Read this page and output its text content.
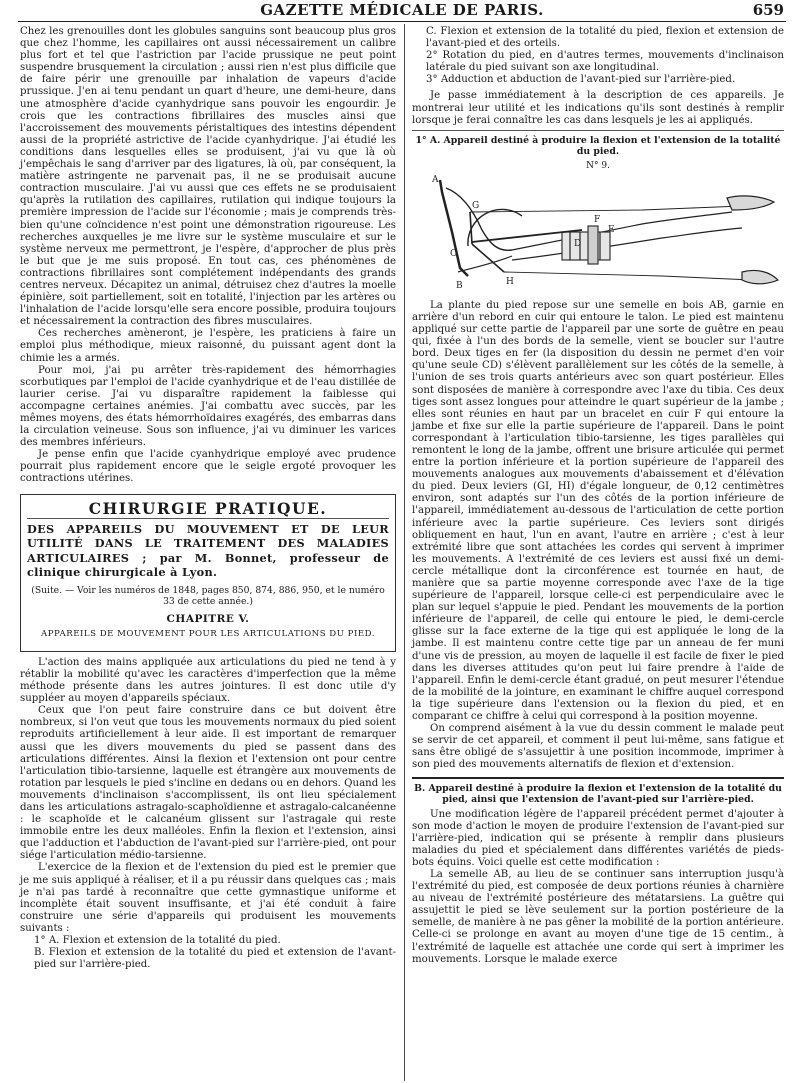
GAZETTE MÉDICALE DE PARIS.	659

Chez les grenouilles dont les globules sanguins sont beaucoup plus gros que chez l'homme, les capillaires ont aussi nécessairement un calibre plus fort et tel que l'astriction par l'acide prussique ne peut point suspendre brusquement la circulation ; aussi rien n'est plus difficile que de faire périr une grenouille par inhalation de vapeurs d'acide prussique. J'en ai tenu pendant un quart d'heure, une demi-heure, dans une atmosphère d'acide cyanhydrique sans pouvoir les engourdir. Je crois que les contractions fibrillaires des muscles ainsi que l'accroissement des mouvements péristaltiques des intestins dépendent aussi de la propriété astrictive de l'acide cyanhydrique. J'ai étudié les conditions dans lesquelles elles se produisent, j'ai vu que là où j'empêchais le sang d'arriver par des ligatures, là où, par conséquent, la matière astringente ne parvenait pas, il ne se produisait aucune contraction musculaire. J'ai vu aussi que ces effets ne se produisaient qu'après la rutilation des capillaires, rutilation qui indique toujours la première impression de l'acide sur l'économie ; mais je comprends très-bien qu'une coïncidence n'est point une démonstration rigoureuse. Les recherches auxquelles je me livre sur le système musculaire et sur le système nerveux me permettront, je l'espère, d'approcher de plus près le but que je me suis proposé. En tout cas, ces phénomènes de contractions fibrillaires sont complétement indépendants des grands centres nerveux. Décapitez un animal, détruisez chez d'autres la moelle épinière, soit partiellement, soit en totalité, l'injection par les artères ou l'inhalation de l'acide lorsqu'elle sera encore possible, produira toujours et nécessairement la contraction des fibres musculaires.

Ces recherches amèneront, je l'espère, les praticiens à faire un emploi plus méthodique, mieux raisonné, du puissant agent dont la chimie les a armés.

Pour moi, j'ai pu arrêter très-rapidement des hémorrhagies scorbutiques par l'emploi de l'acide cyanhydrique et de l'eau distillée de laurier cerise. J'ai vu disparaître rapidement la faiblesse qui accompagne certaines anémies. J'ai combattu avec succès, par les mêmes moyens, des états hémorrhoïdaires exagérés, des embarras dans la circulation veineuse. Sous son influence, j'ai vu diminuer les varices des membres inférieurs.

Je pense enfin que l'acide cyanhydrique employé avec prudence pourrait plus rapidement encore que le seigle ergoté provoquer les contractions utérines.

CHIRURGIE PRATIQUE.
DES APPAREILS DU MOUVEMENT ET DE LEUR UTILITÉ DANS LE TRAITEMENT DES MALADIES ARTICULAIRES ; par M. Bonnet, professeur de clinique chirurgicale à Lyon.
(Suite. — Voir les numéros de 1848, pages 850, 874, 886, 950, et le numéro 33 de cette année.)
CHAPITRE V.
APPAREILS DE MOUVEMENT POUR LES ARTICULATIONS DU PIED.

L'action des mains appliquée aux articulations du pied ne tend à y rétablir la mobilité qu'avec les caractères d'imperfection que la même méthode présente dans les autres jointures. Il est donc utile d'y suppléer au moyen d'appareils spéciaux.

Ceux que l'on peut faire construire dans ce but doivent être nombreux, si l'on veut que tous les mouvements normaux du pied soient reproduits artificiellement à leur aide. Il est important de remarquer aussi que les divers mouvements du pied se passent dans des articulations différentes. Ainsi la flexion et l'extension ont pour centre l'articulation tibio-tarsienne, laquelle est étrangère aux mouvements de rotation par lesquels le pied s'incline en dedans ou en dehors. Quand les mouvements d'inclinaison s'accomplissent, ils ont lieu spécialement dans les articulations astragalo-scaphoïdienne et astragalo-calcanéenne : le scaphoïde et le calcanéum glissent sur l'astragale qui reste immobile entre les deux malléoles. Enfin la flexion et l'extension, ainsi que l'adduction et l'abduction de l'avant-pied sur l'arrière-pied, ont pour siége l'articulation médio-tarsienne.

L'exercice de la flexion et de l'extension du pied est le premier que je me suis appliqué à réaliser, et il a pu réussir dans quelques cas ; mais je n'ai pas tardé à reconnaître que cette gymnastique uniforme et incomplète était souvent insuffisante, et j'ai été conduit à faire construire une série d'appareils qui produisent les mouvements suivants :

1° A. Flexion et extension de la totalité du pied.

B. Flexion et extension de la totalité du pied et extension de l'avant-pied sur l'arrière-pied.

C. Flexion et extension de la totalité du pied, flexion et extension de l'avant-pied et des orteils.

2° Rotation du pied, en d'autres termes, mouvements d'inclinaison latérale du pied suivant son axe longitudinal.

3° Adduction et abduction de l'avant-pied sur l'arrière-pied.

Je passe immédiatement à la description de ces appareils. Je montrerai leur utilité et les indications qu'ils sont destinés à remplir lorsque je ferai connaître les cas dans lesquels je les ai appliqués.

1° A. Appareil destiné à produire la flexion et l'extension de la totalité du pied.
N° 9.
A
B
C
D
E
F
G
H

La plante du pied repose sur une semelle en bois AB, garnie en arrière d'un rebord en cuir qui entoure le talon. Le pied est maintenu appliqué sur cette partie de l'appareil par une sorte de guêtre en peau qui, fixée à l'un des bords de la semelle, vient se boucler sur l'autre bord. Deux tiges en fer (la disposition du dessin ne permet d'en voir qu'une seule CD) s'élèvent parallèlement sur les côtés de la semelle, à l'union de ses trois quarts antérieurs avec son quart postérieur. Elles sont disposées de manière à correspondre avec l'axe du tibia. Ces deux tiges sont assez longues pour atteindre le quart supérieur de la jambe ; elles sont réunies en haut par un bracelet en cuir F qui entoure la jambe et fixe sur elle la partie supérieure de l'appareil. Dans le point correspondant à l'articulation tibio-tarsienne, les tiges parallèles qui remontent le long de la jambe, offrent une brisure articulée qui permet entre la portion inférieure et la portion supérieure de l'appareil des mouvements analogues aux mouvements d'abaissement et d'élévation du pied. Deux leviers (GI, HI) d'égale longueur, de 0,12 centimètres environ, sont adaptés sur l'un des côtés de la portion inférieure de l'appareil, immédiatement au-dessous de l'articulation de cette portion inférieure avec la partie supérieure. Ces leviers sont dirigés obliquement en haut, l'un en avant, l'autre en arrière ; c'est à leur extrémité libre que sont attachées les cordes qui servent à imprimer les mouvements. A l'extrémité de ces leviers est aussi fixé un demi-cercle métallique dont la circonférence est tournée en haut, de manière que sa partie moyenne corresponde avec l'axe de la tige supérieure de l'appareil, lorsque celle-ci est perpendiculaire avec le plan sur lequel s'appuie le pied. Pendant les mouvements de la portion inférieure de l'appareil, de celle qui entoure le pied, le demi-cercle glisse sur la face externe de la tige qui est appliquée le long de la jambe. Il est maintenu contre cette tige par un anneau de fer muni d'une vis de pression, au moyen de laquelle il est facile de fixer le pied dans les diverses attitudes qu'on peut lui faire prendre à l'aide de l'appareil. Enfin le demi-cercle étant gradué, on peut mesurer l'étendue de la mobilité de la jointure, en examinant le chiffre auquel correspond la tige supérieure dans l'extension ou la flexion du pied, et en comparant ce chiffre à celui qui correspond à la position moyenne.

On comprend aisément à la vue du dessin comment le malade peut se servir de cet appareil, et comment il peut lui-même, sans fatigue et sans être obligé de s'assujettir à une position incommode, imprimer à son pied des mouvements alternatifs de flexion et d'extension.

B. Appareil destiné à produire la flexion et l'extension de la totalité du pied, ainsi que l'extension de l'avant-pied sur l'arrière-pied.

Une modification légère de l'appareil précédent permet d'ajouter à son mode d'action le moyen de produire l'extension de l'avant-pied sur l'arrière-pied, indication qui se présente à remplir dans plusieurs maladies du pied et spécialement dans différentes variétés de pieds-bots équins. Voici quelle est cette modification :

La semelle AB, au lieu de se continuer sans interruption jusqu'à l'extrémité du pied, est composée de deux portions réunies à charnière au niveau de l'extrémité postérieure des métatarsiens. La guêtre qui assujettit le pied se lève seulement sur la portion postérieure de la semelle, de manière à ne pas gêner la mobilité de la portion antérieure. Celle-ci se prolonge en avant au moyen d'une tige de 15 centim., à l'extrémité de laquelle est attachée une corde qui sert à imprimer les mouvements. Lorsque le malade exerce
